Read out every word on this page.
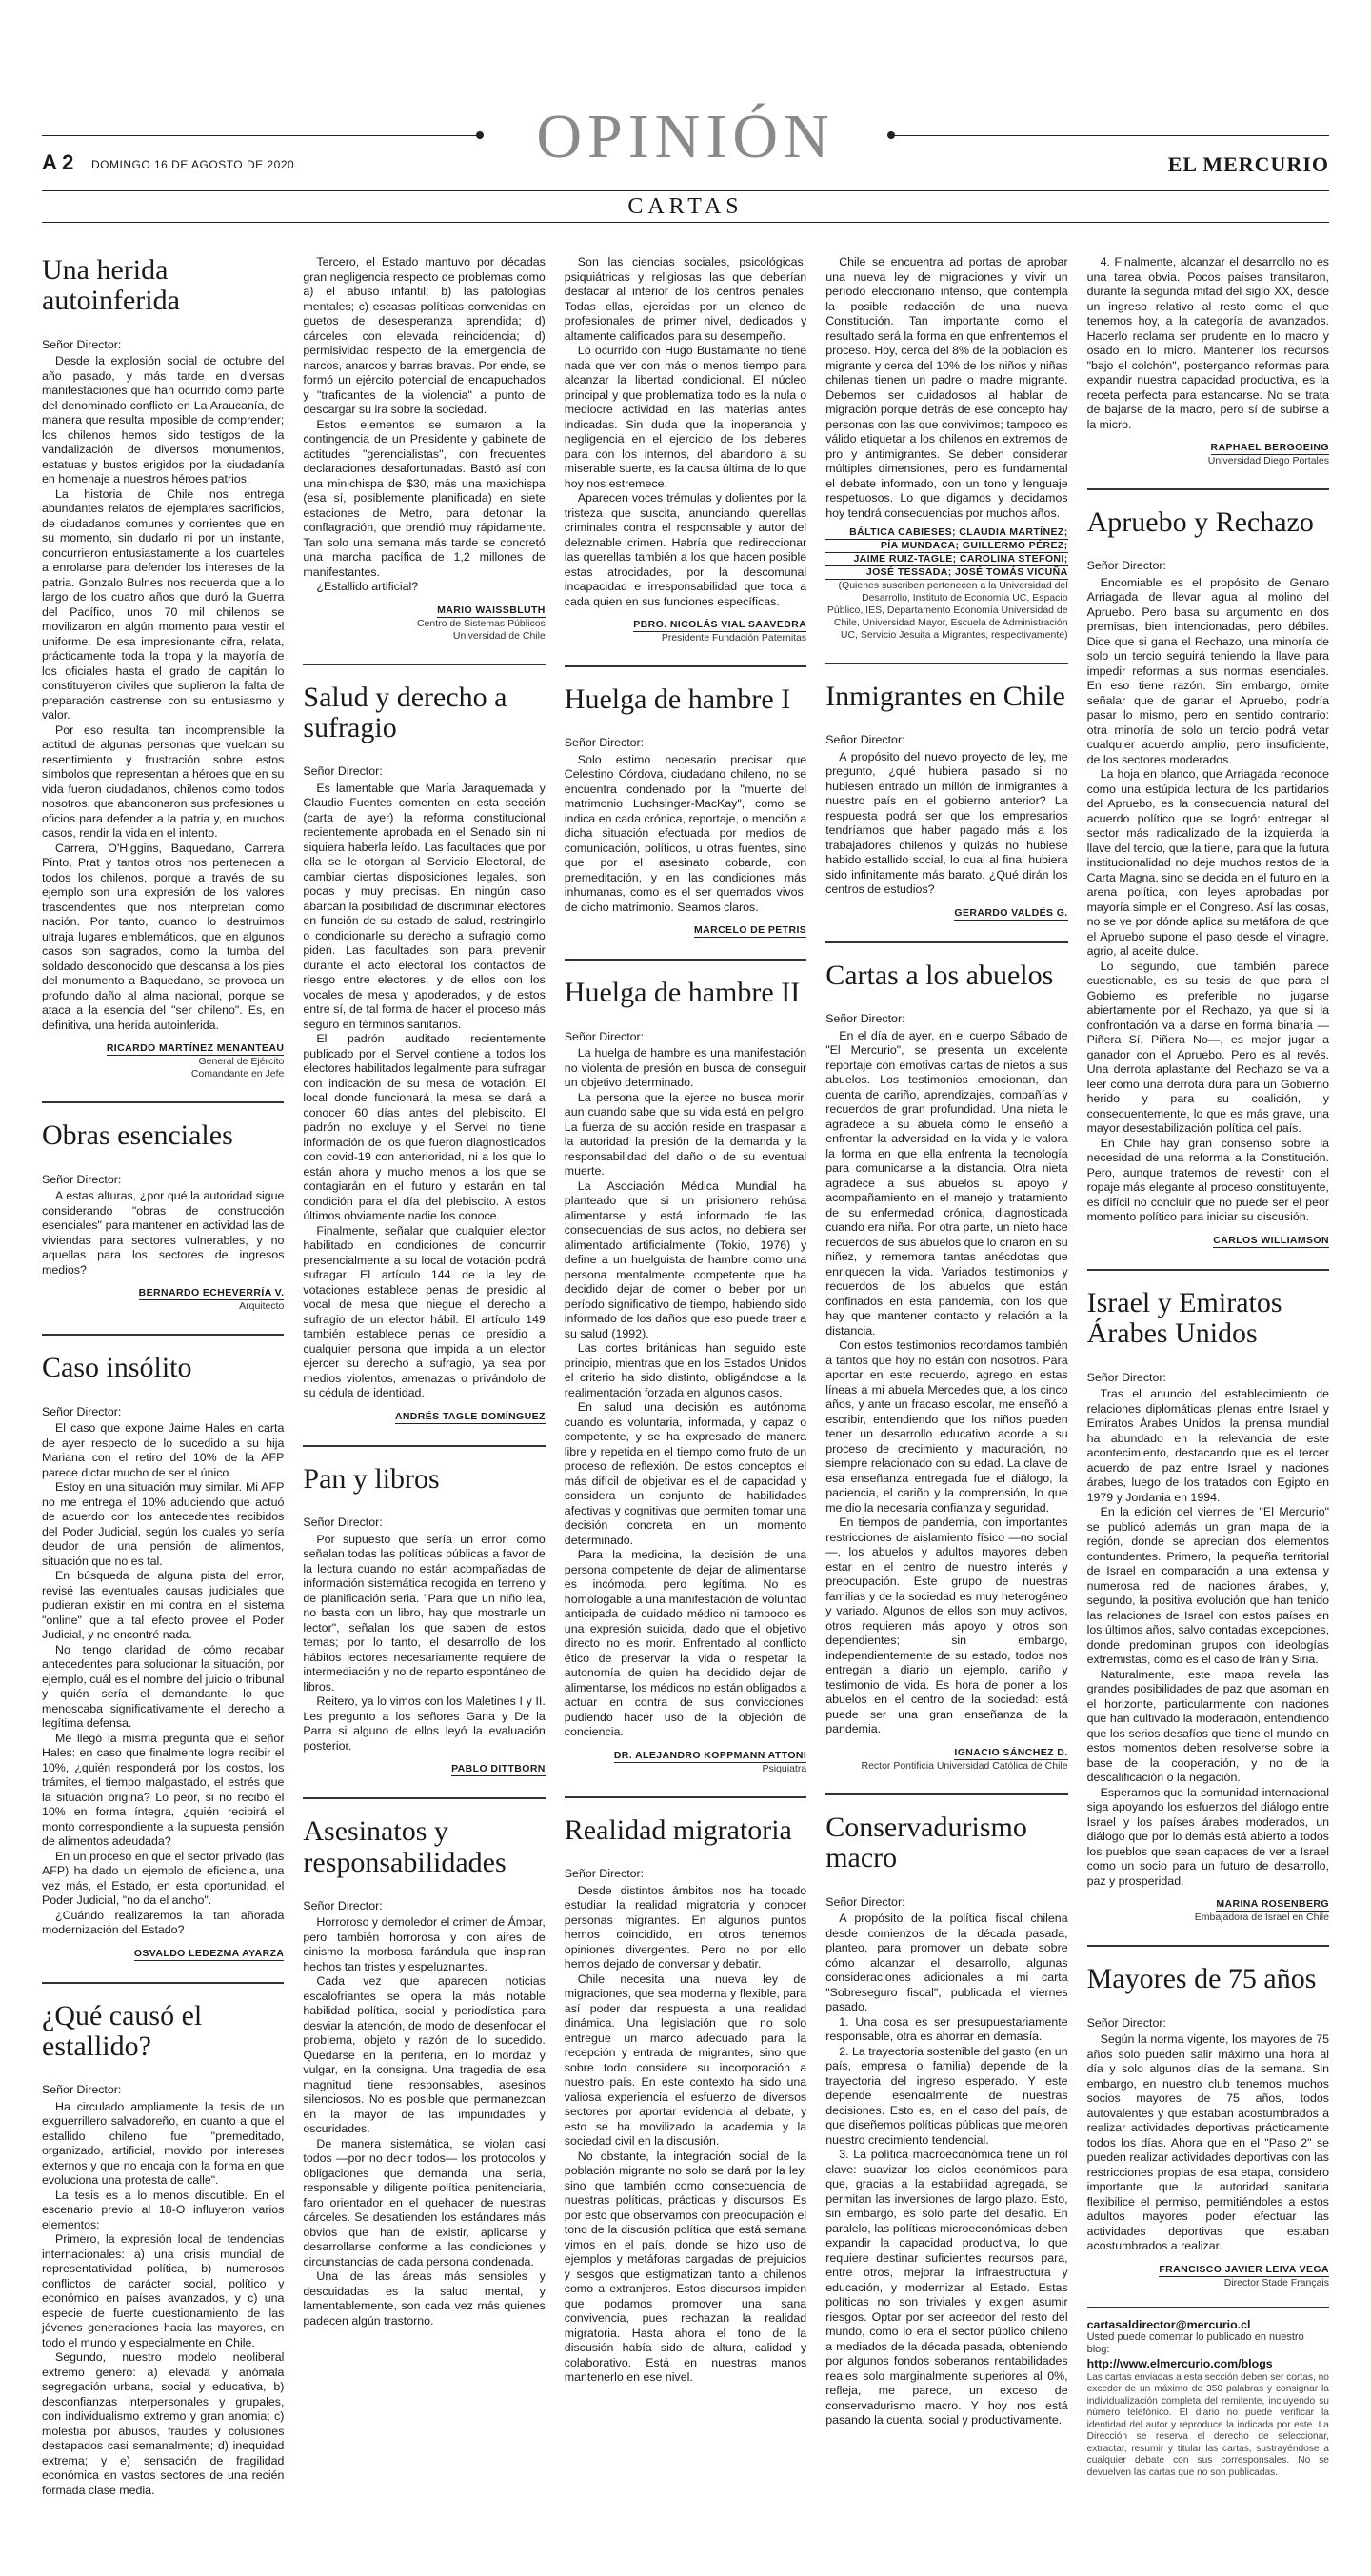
OPINIÓN
A 2 DOMINGO 16 DE AGOSTO DE 2020	EL MERCURIO
CARTAS
Una herida autoinferida

Señor Director:

Desde la explosión social de octubre del año pasado, y más tarde en diversas manifestaciones que han ocurrido como parte del denominado conflicto en La Araucanía, de manera que resulta imposible de comprender; los chilenos hemos sido testigos de la vandalización de diversos monumentos, estatuas y bustos erigidos por la ciudadanía en homenaje a nuestros héroes patrios.

La historia de Chile nos entrega abundantes relatos de ejemplares sacrificios, de ciudadanos comunes y corrientes que en su momento, sin dudarlo ni por un instante, concurrieron entusiastamente a los cuarteles a enrolarse para defender los intereses de la patria. Gonzalo Bulnes nos recuerda que a lo largo de los cuatro años que duró la Guerra del Pacífico, unos 70 mil chilenos se movilizaron en algún momento para vestir el uniforme. De esa impresionante cifra, relata, prácticamente toda la tropa y la mayoría de los oficiales hasta el grado de capitán lo constituyeron civiles que suplieron la falta de preparación castrense con su entusiasmo y valor.

Por eso resulta tan incomprensible la actitud de algunas personas que vuelcan su resentimiento y frustración sobre estos símbolos que representan a héroes que en su vida fueron ciudadanos, chilenos como todos nosotros, que abandonaron sus profesiones u oficios para defender a la patria y, en muchos casos, rendir la vida en el intento.

Carrera, O'Higgins, Baquedano, Carrera Pinto, Prat y tantos otros nos pertenecen a todos los chilenos, porque a través de su ejemplo son una expresión de los valores trascendentes que nos interpretan como nación. Por tanto, cuando lo destruimos ultraja lugares emblemáticos, que en algunos casos son sagrados, como la tumba del soldado desconocido que descansa a los pies del monumento a Baquedano, se provoca un profundo daño al alma nacional, porque se ataca a la esencia del "ser chileno". Es, en definitiva, una herida autoinferida.

RICARDO MARTÍNEZ MENANTEAU
General de Ejército
Comandante en Jefe
Obras esenciales

Señor Director:

A estas alturas, ¿por qué la autoridad sigue considerando "obras de construcción esenciales" para mantener en actividad las de viviendas para sectores vulnerables, y no aquellas para los sectores de ingresos medios?

BERNARDO ECHEVERRÍA V.
Arquitecto
Caso insólito

Señor Director:

El caso que expone Jaime Hales en carta de ayer respecto de lo sucedido a su hija Mariana con el retiro del 10% de la AFP parece dictar mucho de ser el único.

Estoy en una situación muy similar. Mi AFP no me entrega el 10% aduciendo que actuó de acuerdo con los antecedentes recibidos del Poder Judicial, según los cuales yo sería deudor de una pensión de alimentos, situación que no es tal.

En búsqueda de alguna pista del error, revisé las eventuales causas judiciales que pudieran existir en mi contra en el sistema "online" que a tal efecto provee el Poder Judicial, y no encontré nada.

No tengo claridad de cómo recabar antecedentes para solucionar la situación, por ejemplo, cuál es el nombre del juicio o tribunal y quién sería el demandante, lo que menoscaba significativamente el derecho a legítima defensa.

Me llegó la misma pregunta que el señor Hales: en caso que finalmente logre recibir el 10%, ¿quién responderá por los costos, los trámites, el tiempo malgastado, el estrés que la situación origina? Lo peor, si no recibo el 10% en forma íntegra, ¿quién recibirá el monto correspondiente a la supuesta pensión de alimentos adeudada?

En un proceso en que el sector privado (las AFP) ha dado un ejemplo de eficiencia, una vez más, el Estado, en esta oportunidad, el Poder Judicial, "no da el ancho".

¿Cuándo realizaremos la tan añorada modernización del Estado?

OSVALDO LEDEZMA AYARZA
¿Qué causó el estallido?

Señor Director:

Ha circulado ampliamente la tesis de un exguerrillero salvadoreño, en cuanto a que el estallido chileno fue "premeditado, organizado, artificial, movido por intereses externos y que no encaja con la forma en que evoluciona una protesta de calle".

La tesis es a lo menos discutible. En el escenario previo al 18-O influyeron varios elementos:

Primero, la expresión local de tendencias internacionales: a) una crisis mundial de representatividad política, b) numerosos conflictos de carácter social, político y económico en países avanzados, y c) una especie de fuerte cuestionamiento de las jóvenes generaciones hacia las mayores, en todo el mundo y especialmente en Chile.

Segundo, nuestro modelo neoliberal extremo generó: a) elevada y anómala segregación urbana, social y educativa, b) desconfianzas interpersonales y grupales, con individualismo extremo y gran anomia; c) molestia por abusos, fraudes y colusiones destapados casi semanalmente; d) inequidad extrema; y e) sensación de fragilidad económica en vastos sectores de una recién formada clase media.

Tercero, el Estado mantuvo por décadas gran negligencia respecto de problemas como a) el abuso infantil; b) las patologías mentales; c) escasas políticas convenidas en guetos de desesperanza aprendida; d) cárceles con elevada reincidencia; d) permisividad respecto de la emergencia de narcos, anarcos y barras bravas. Por ende, se formó un ejército potencial de encapuchados y "traficantes de la violencia" a punto de descargar su ira sobre la sociedad.

Estos elementos se sumaron a la contingencia de un Presidente y gabinete de actitudes "gerencialistas", con frecuentes declaraciones desafortunadas. Bastó así con una minichispa de $30, más una maxichispa (esa sí, posiblemente planificada) en siete estaciones de Metro, para detonar la conflagración, que prendió muy rápidamente. Tan solo una semana más tarde se concretó una marcha pacífica de 1,2 millones de manifestantes.

¿Estallido artificial?

MARIO WAISSBLUTH
Centro de Sistemas Públicos
Universidad de Chile
Salud y derecho a sufragio

Señor Director:

Es lamentable que María Jaraquemada y Claudio Fuentes comenten en esta sección (carta de ayer) la reforma constitucional recientemente aprobada en el Senado sin ni siquiera haberla leído. Las facultades que por ella se le otorgan al Servicio Electoral, de cambiar ciertas disposiciones legales, son pocas y muy precisas. En ningún caso abarcan la posibilidad de discriminar electores en función de su estado de salud, restringirlo o condicionarle su derecho a sufragio como piden. Las facultades son para prevenir durante el acto electoral los contactos de riesgo entre electores, y de ellos con los vocales de mesa y apoderados, y de estos entre sí, de tal forma de hacer el proceso más seguro en términos sanitarios.

El padrón auditado recientemente publicado por el Servel contiene a todos los electores habilitados legalmente para sufragar con indicación de su mesa de votación. El local donde funcionará la mesa se dará a conocer 60 días antes del plebiscito. El padrón no excluye y el Servel no tiene información de los que fueron diagnosticados con covid-19 con anterioridad, ni a los que lo están ahora y mucho menos a los que se contagiarán en el futuro y estarán en tal condición para el día del plebiscito. A estos últimos obviamente nadie los conoce.

Finalmente, señalar que cualquier elector habilitado en condiciones de concurrir presencialmente a su local de votación podrá sufragar. El artículo 144 de la ley de votaciones establece penas de presidio al vocal de mesa que niegue el derecho a sufragio de un elector hábil. El artículo 149 también establece penas de presidio a cualquier persona que impida a un elector ejercer su derecho a sufragio, ya sea por medios violentos, amenazas o privándolo de su cédula de identidad.

ANDRÉS TAGLE DOMÍNGUEZ
Pan y libros

Señor Director:

Por supuesto que sería un error, como señalan todas las políticas públicas a favor de la lectura cuando no están acompañadas de información sistemática recogida en terreno y de planificación seria. "Para que un niño lea, no basta con un libro, hay que mostrarle un lector", señalan los que saben de estos temas; por lo tanto, el desarrollo de los hábitos lectores necesariamente requiere de intermediación y no de reparto espontáneo de libros.

Reitero, ya lo vimos con los Maletines I y II. Les pregunto a los señores Gana y De la Parra si alguno de ellos leyó la evaluación posterior.

PABLO DITTBORN
Asesinatos y responsabilidades

Señor Director:

Horroroso y demoledor el crimen de Ámbar, pero también horrorosa y con aires de cinismo la morbosa farándula que inspiran hechos tan tristes y espeluznantes.

Cada vez que aparecen noticias escalofriantes se opera la más notable habilidad política, social y periodística para desviar la atención, de modo de desenfocar el problema, objeto y razón de lo sucedido. Quedarse en la periferia, en lo mordaz y vulgar, en la consigna. Una tragedia de esa magnitud tiene responsables, asesinos silenciosos. No es posible que permanezcan en la mayor de las impunidades y oscuridades.

De manera sistemática, se violan casi todos —por no decir todos— los protocolos y obligaciones que demanda una seria, responsable y diligente política penitenciaria, faro orientador en el quehacer de nuestras cárceles. Se desatienden los estándares más obvios que han de existir, aplicarse y desarrollarse conforme a las condiciones y circunstancias de cada persona condenada.

Una de las áreas más sensibles y descuidadas es la salud mental, y lamentablemente, son cada vez más quienes padecen algún trastorno.

Son las ciencias sociales, psicológicas, psiquiátricas y religiosas las que deberían destacar al interior de los centros penales. Todas ellas, ejercidas por un elenco de profesionales de primer nivel, dedicados y altamente calificados para su desempeño.

Lo ocurrido con Hugo Bustamante no tiene nada que ver con más o menos tiempo para alcanzar la libertad condicional. El núcleo principal y que problematiza todo es la nula o mediocre actividad en las materias antes indicadas. Sin duda que la inoperancia y negligencia en el ejercicio de los deberes para con los internos, del abandono a su miserable suerte, es la causa última de lo que hoy nos estremece.

Aparecen voces trémulas y dolientes por la tristeza que suscita, anunciando querellas criminales contra el responsable y autor del deleznable crimen. Habría que redireccionar las querellas también a los que hacen posible estas atrocidades, por la descomunal incapacidad e irresponsabilidad que toca a cada quien en sus funciones específicas.

PBRO. NICOLÁS VIAL SAAVEDRA
Presidente Fundación Paternitas
Huelga de hambre I

Señor Director:

Solo estimo necesario precisar que Celestino Córdova, ciudadano chileno, no se encuentra condenado por la "muerte del matrimonio Luchsinger-MacKay", como se indica en cada crónica, reportaje, o mención a dicha situación efectuada por medios de comunicación, políticos, u otras fuentes, sino que por el asesinato cobarde, con premeditación, y en las condiciones más inhumanas, como es el ser quemados vivos, de dicho matrimonio. Seamos claros.

MARCELO DE PETRIS
Huelga de hambre II

Señor Director:

La huelga de hambre es una manifestación no violenta de presión en busca de conseguir un objetivo determinado.

La persona que la ejerce no busca morir, aun cuando sabe que su vida está en peligro. La fuerza de su acción reside en traspasar a la autoridad la presión de la demanda y la responsabilidad del daño o de su eventual muerte.

La Asociación Médica Mundial ha planteado que si un prisionero rehúsa alimentarse y está informado de las consecuencias de sus actos, no debiera ser alimentado artificialmente (Tokio, 1976) y define a un huelguista de hambre como una persona mentalmente competente que ha decidido dejar de comer o beber por un período significativo de tiempo, habiendo sido informado de los daños que eso puede traer a su salud (1992).

Las cortes británicas han seguido este principio, mientras que en los Estados Unidos el criterio ha sido distinto, obligándose a la realimentación forzada en algunos casos.

En salud una decisión es autónoma cuando es voluntaria, informada, y capaz o competente, y se ha expresado de manera libre y repetida en el tiempo como fruto de un proceso de reflexión. De estos conceptos el más difícil de objetivar es el de capacidad y considera un conjunto de habilidades afectivas y cognitivas que permiten tomar una decisión concreta en un momento determinado.

Para la medicina, la decisión de una persona competente de dejar de alimentarse es incómoda, pero legítima. No es homologable a una manifestación de voluntad anticipada de cuidado médico ni tampoco es una expresión suicida, dado que el objetivo directo no es morir. Enfrentado al conflicto ético de preservar la vida o respetar la autonomía de quien ha decidido dejar de alimentarse, los médicos no están obligados a actuar en contra de sus convicciones, pudiendo hacer uso de la objeción de conciencia.

DR. ALEJANDRO KOPPMANN ATTONI
Psiquiatra
Realidad migratoria

Señor Director:

Desde distintos ámbitos nos ha tocado estudiar la realidad migratoria y conocer personas migrantes. En algunos puntos hemos coincidido, en otros tenemos opiniones divergentes. Pero no por ello hemos dejado de conversar y debatir.

Chile necesita una nueva ley de migraciones, que sea moderna y flexible, para así poder dar respuesta a una realidad dinámica. Una legislación que no solo entregue un marco adecuado para la recepción y entrada de migrantes, sino que sobre todo considere su incorporación a nuestro país. En este contexto ha sido una valiosa experiencia el esfuerzo de diversos sectores por aportar evidencia al debate, y esto se ha movilizado la academia y la sociedad civil en la discusión.

No obstante, la integración social de la población migrante no solo se dará por la ley, sino que también como consecuencia de nuestras políticas, prácticas y discursos. Es por esto que observamos con preocupación el tono de la discusión política que está semana vimos en el país, donde se hizo uso de ejemplos y metáforas cargadas de prejuicios y sesgos que estigmatizan tanto a chilenos como a extranjeros. Estos discursos impiden que podamos promover una sana convivencia, pues rechazan la realidad migratoria. Hasta ahora el tono de la discusión había sido de altura, calidad y colaborativo. Está en nuestras manos mantenerlo en ese nivel.

Chile se encuentra ad portas de aprobar una nueva ley de migraciones y vivir un período eleccionario intenso, que contempla la posible redacción de una nueva Constitución. Tan importante como el resultado será la forma en que enfrentemos el proceso. Hoy, cerca del 8% de la población es migrante y cerca del 10% de los niños y niñas chilenas tienen un padre o madre migrante. Debemos ser cuidadosos al hablar de migración porque detrás de ese concepto hay personas con las que convivimos; tampoco es válido etiquetar a los chilenos en extremos de pro y antimigrantes. Se deben considerar múltiples dimensiones, pero es fundamental el debate informado, con un tono y lenguaje respetuosos. Lo que digamos y decidamos hoy tendrá consecuencias por muchos años.

BÁLTICA CABIESES; CLAUDIA MARTÍNEZ;
PÍA MUNDACA; GUILLERMO PÉREZ;
JAIME RUIZ-TAGLE; CAROLINA STEFONI;
JOSÉ TESSADA; JOSÉ TOMÁS VICUÑA
(Quienes suscriben pertenecen a la Universidad del Desarrollo, Instituto de Economía UC, Espacio Público, IES, Departamento Economía Universidad de Chile, Universidad Mayor, Escuela de Administración UC, Servicio Jesuita a Migrantes, respectivamente)
Inmigrantes en Chile

Señor Director:

A propósito del nuevo proyecto de ley, me pregunto, ¿qué hubiera pasado si no hubiesen entrado un millón de inmigrantes a nuestro país en el gobierno anterior? La respuesta podrá ser que los empresarios tendríamos que haber pagado más a los trabajadores chilenos y quizás no hubiese habido estallido social, lo cual al final hubiera sido infinitamente más barato. ¿Qué dirán los centros de estudios?

GERARDO VALDÉS G.
Cartas a los abuelos

Señor Director:

En el día de ayer, en el cuerpo Sábado de "El Mercurio", se presenta un excelente reportaje con emotivas cartas de nietos a sus abuelos. Los testimonios emocionan, dan cuenta de cariño, aprendizajes, compañías y recuerdos de gran profundidad. Una nieta le agradece a su abuela cómo le enseñó a enfrentar la adversidad en la vida y le valora la forma en que ella enfrenta la tecnología para comunicarse a la distancia. Otra nieta agradece a sus abuelos su apoyo y acompañamiento en el manejo y tratamiento de su enfermedad crónica, diagnosticada cuando era niña. Por otra parte, un nieto hace recuerdos de sus abuelos que lo criaron en su niñez, y rememora tantas anécdotas que enriquecen la vida. Variados testimonios y recuerdos de los abuelos que están confinados en esta pandemia, con los que hay que mantener contacto y relación a la distancia.

Con estos testimonios recordamos también a tantos que hoy no están con nosotros. Para aportar en este recuerdo, agrego en estas líneas a mi abuela Mercedes que, a los cinco años, y ante un fracaso escolar, me enseñó a escribir, entendiendo que los niños pueden tener un desarrollo educativo acorde a su proceso de crecimiento y maduración, no siempre relacionado con su edad. La clave de esa enseñanza entregada fue el diálogo, la paciencia, el cariño y la comprensión, lo que me dio la necesaria confianza y seguridad.

En tiempos de pandemia, con importantes restricciones de aislamiento físico —no social—, los abuelos y adultos mayores deben estar en el centro de nuestro interés y preocupación. Este grupo de nuestras familias y de la sociedad es muy heterogéneo y variado. Algunos de ellos son muy activos, otros requieren más apoyo y otros son dependientes; sin embargo, independientemente de su estado, todos nos entregan a diario un ejemplo, cariño y testimonio de vida. Es hora de poner a los abuelos en el centro de la sociedad: está puede ser una gran enseñanza de la pandemia.

IGNACIO SÁNCHEZ D.
Rector Pontificia Universidad Católica de Chile
Conservadurismo macro

Señor Director:

A propósito de la política fiscal chilena desde comienzos de la década pasada, planteo, para promover un debate sobre cómo alcanzar el desarrollo, algunas consideraciones adicionales a mi carta "Sobreseguro fiscal", publicada el viernes pasado.

1. Una cosa es ser presupuestariamente responsable, otra es ahorrar en demasía.

2. La trayectoria sostenible del gasto (en un país, empresa o familia) depende de la trayectoria del ingreso esperado. Y este depende esencialmente de nuestras decisiones. Esto es, en el caso del país, de que diseñemos políticas públicas que mejoren nuestro crecimiento tendencial.

3. La política macroeconómica tiene un rol clave: suavizar los ciclos económicos para que, gracias a la estabilidad agregada, se permitan las inversiones de largo plazo. Esto, sin embargo, es solo parte del desafío. En paralelo, las políticas microeconómicas deben expandir la capacidad productiva, lo que requiere destinar suficientes recursos para, entre otros, mejorar la infraestructura y educación, y modernizar al Estado. Estas políticas no son triviales y exigen asumir riesgos. Optar por ser acreedor del resto del mundo, como lo era el sector público chileno a mediados de la década pasada, obteniendo por algunos fondos soberanos rentabilidades reales solo marginalmente superiores al 0%, refleja, me parece, un exceso de conservadurismo macro. Y hoy nos está pasando la cuenta, social y productivamente.

4. Finalmente, alcanzar el desarrollo no es una tarea obvia. Pocos países transitaron, durante la segunda mitad del siglo XX, desde un ingreso relativo al resto como el que tenemos hoy, a la categoría de avanzados. Hacerlo reclama ser prudente en lo macro y osado en lo micro. Mantener los recursos "bajo el colchón", postergando reformas para expandir nuestra capacidad productiva, es la receta perfecta para estancarse. No se trata de bajarse de la macro, pero sí de subirse a la micro.

RAPHAEL BERGOEING
Universidad Diego Portales
Apruebo y Rechazo

Señor Director:

Encomiable es el propósito de Genaro Arriagada de llevar agua al molino del Apruebo. Pero basa su argumento en dos premisas, bien intencionadas, pero débiles. Dice que si gana el Rechazo, una minoría de solo un tercio seguirá teniendo la llave para impedir reformas a sus normas esenciales. En eso tiene razón. Sin embargo, omite señalar que de ganar el Apruebo, podría pasar lo mismo, pero en sentido contrario: otra minoría de solo un tercio podrá vetar cualquier acuerdo amplio, pero insuficiente, de los sectores moderados.

La hoja en blanco, que Arriagada reconoce como una estúpida lectura de los partidarios del Apruebo, es la consecuencia natural del acuerdo político que se logró: entregar al sector más radicalizado de la izquierda la llave del tercio, que la tiene, para que la futura institucionalidad no deje muchos restos de la Carta Magna, sino se decida en el futuro en la arena política, con leyes aprobadas por mayoría simple en el Congreso. Así las cosas, no se ve por dónde aplica su metáfora de que el Apruebo supone el paso desde el vinagre, agrio, al aceite dulce.

Lo segundo, que también parece cuestionable, es su tesis de que para el Gobierno es preferible no jugarse abiertamente por el Rechazo, ya que si la confrontación va a darse en forma binaria —Piñera Sí, Piñera No—, es mejor jugar a ganador con el Apruebo. Pero es al revés. Una derrota aplastante del Rechazo se va a leer como una derrota dura para un Gobierno herido y para su coalición, y consecuentemente, lo que es más grave, una mayor desestabilización política del país.

En Chile hay gran consenso sobre la necesidad de una reforma a la Constitución. Pero, aunque tratemos de revestir con el ropaje más elegante al proceso constituyente, es difícil no concluir que no puede ser el peor momento político para iniciar su discusión.

CARLOS WILLIAMSON
Israel y Emiratos Árabes Unidos

Señor Director:

Tras el anuncio del establecimiento de relaciones diplomáticas plenas entre Israel y Emiratos Árabes Unidos, la prensa mundial ha abundado en la relevancia de este acontecimiento, destacando que es el tercer acuerdo de paz entre Israel y naciones árabes, luego de los tratados con Egipto en 1979 y Jordania en 1994.

En la edición del viernes de "El Mercurio" se publicó además un gran mapa de la región, donde se aprecian dos elementos contundentes. Primero, la pequeña territorial de Israel en comparación a una extensa y numerosa red de naciones árabes, y, segundo, la positiva evolución que han tenido las relaciones de Israel con estos países en los últimos años, salvo contadas excepciones, donde predominan grupos con ideologías extremistas, como es el caso de Irán y Siria.

Naturalmente, este mapa revela las grandes posibilidades de paz que asoman en el horizonte, particularmente con naciones que han cultivado la moderación, entendiendo que los serios desafíos que tiene el mundo en estos momentos deben resolverse sobre la base de la cooperación, y no de la descalificación o la negación.

Esperamos que la comunidad internacional siga apoyando los esfuerzos del diálogo entre Israel y los países árabes moderados, un diálogo que por lo demás está abierto a todos los pueblos que sean capaces de ver a Israel como un socio para un futuro de desarrollo, paz y prosperidad.

MARINA ROSENBERG
Embajadora de Israel en Chile
Mayores de 75 años

Señor Director:

Según la norma vigente, los mayores de 75 años solo pueden salir máximo una hora al día y solo algunos días de la semana. Sin embargo, en nuestro club tenemos muchos socios mayores de 75 años, todos autovalentes y que estaban acostumbrados a realizar actividades deportivas prácticamente todos los días. Ahora que en el "Paso 2" se pueden realizar actividades deportivas con las restricciones propias de esa etapa, considero importante que la autoridad sanitaria flexibilice el permiso, permitiéndoles a estos adultos mayores poder efectuar las actividades deportivas que estaban acostumbrados a realizar.

FRANCISCO JAVIER LEIVA VEGA
Director Stade Français
cartasaldirector@mercurio.cl
Usted puede comentar lo publicado en nuestro blog:
http://www.elmercurio.com/blogs
Las cartas enviadas a esta sección deben ser cortas, no exceder de un máximo de 350 palabras y consignar la individualización completa del remitente, incluyendo su número telefónico. El diario no puede verificar la identidad del autor y reproduce la indicada por este. La Dirección se reserva el derecho de seleccionar, extractar, resumir y titular las cartas, sustrayéndose a cualquier debate con sus corresponsales. No se devuelven las cartas que no son publicadas.
